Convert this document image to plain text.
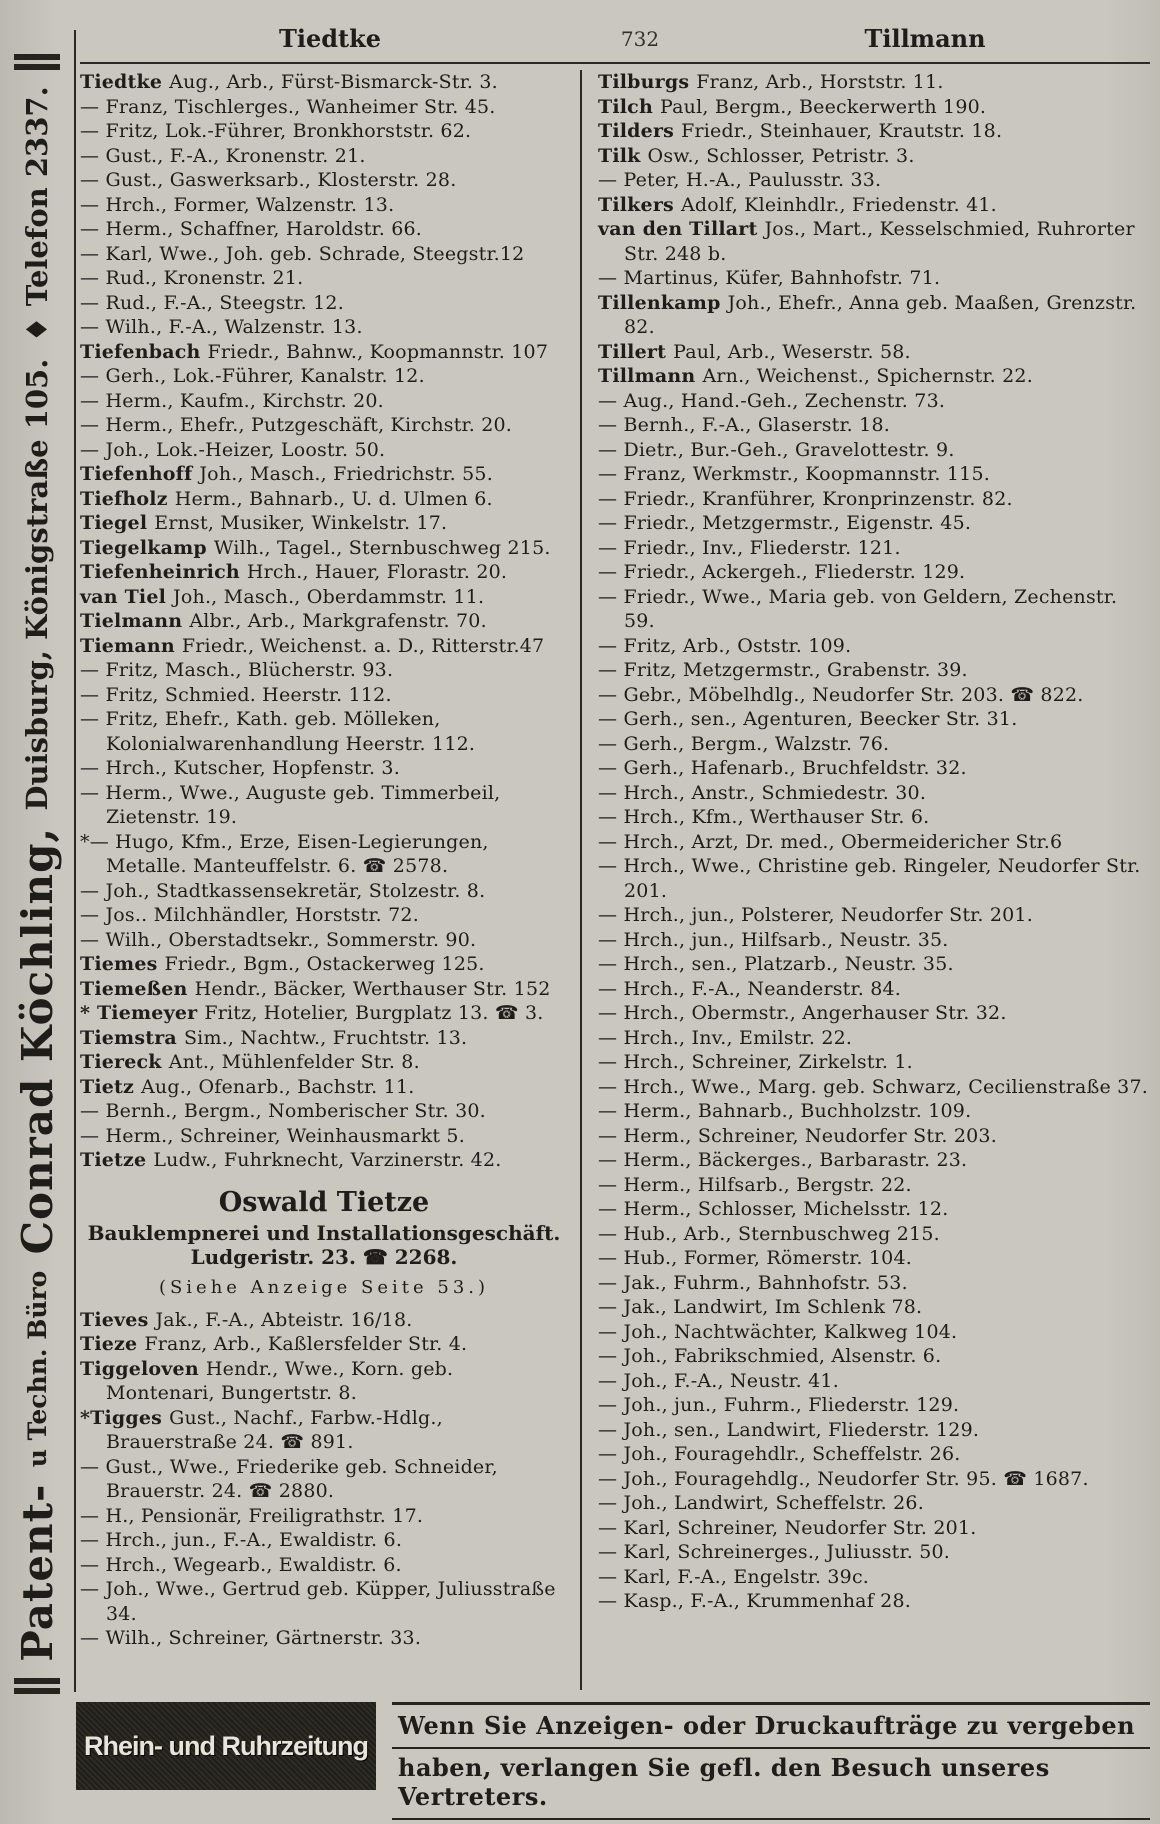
Patent-
u Techn. Büro
Conrad Köchling,
Duisburg, Königstraße 105.
♦ Telefon 2337.
Tiedtke	732	Tillmann

Tiedtke Aug., Arb., Fürst-Bismarck-Str. 3.

— Franz, Tischlerges., Wanheimer Str. 45.

— Fritz, Lok.-Führer, Bronkhorststr. 62.

— Gust., F.-A., Kronenstr. 21.

— Gust., Gaswerksarb., Klosterstr. 28.

— Hrch., Former, Walzenstr. 13.

— Herm., Schaffner, Haroldstr. 66.

— Karl, Wwe., Joh. geb. Schrade, Steegstr.12

— Rud., Kronenstr. 21.

— Rud., F.-A., Steegstr. 12.

— Wilh., F.-A., Walzenstr. 13.

Tiefenbach Friedr., Bahnw., Koopmannstr. 107

— Gerh., Lok.-Führer, Kanalstr. 12.

— Herm., Kaufm., Kirchstr. 20.

— Herm., Ehefr., Putzgeschäft, Kirchstr. 20.

— Joh., Lok.-Heizer, Loostr. 50.

Tiefenhoff Joh., Masch., Friedrichstr. 55.

Tiefholz Herm., Bahnarb., U. d. Ulmen 6.

Tiegel Ernst, Musiker, Winkelstr. 17.

Tiegelkamp Wilh., Tagel., Sternbuschweg 215.

Tiefenheinrich Hrch., Hauer, Florastr. 20.

van Tiel Joh., Masch., Oberdammstr. 11.

Tielmann Albr., Arb., Markgrafenstr. 70.

Tiemann Friedr., Weichenst. a. D., Ritterstr.47

— Fritz, Masch., Blücherstr. 93.

— Fritz, Schmied. Heerstr. 112.

— Fritz, Ehefr., Kath. geb. Mölleken, Kolonialwarenhandlung Heerstr. 112.

— Hrch., Kutscher, Hopfenstr. 3.

— Herm., Wwe., Auguste geb. Timmerbeil, Zietenstr. 19.

*— Hugo, Kfm., Erze, Eisen-Legierungen, Metalle. Manteuffelstr. 6. ☎ 2578.

— Joh., Stadtkassensekretär, Stolzestr. 8.

— Jos.. Milchhändler, Horststr. 72.

— Wilh., Oberstadtsekr., Sommerstr. 90.

Tiemes Friedr., Bgm., Ostackerweg 125.

Tiemeßen Hendr., Bäcker, Werthauser Str. 152

* Tiemeyer Fritz, Hotelier, Burgplatz 13. ☎ 3.

Tiemstra Sim., Nachtw., Fruchtstr. 13.

Tiereck Ant., Mühlenfelder Str. 8.

Tietz Aug., Ofenarb., Bachstr. 11.

— Bernh., Bergm., Nomberischer Str. 30.

— Herm., Schreiner, Weinhausmarkt 5.

Tietze Ludw., Fuhrknecht, Varzinerstr. 42.

Oswald Tietze
Bauklempnerei und Installationsgeschäft.
Ludgeristr. 23. ☎ 2268.
(Siehe Anzeige Seite 53.)

Tieves Jak., F.-A., Abteistr. 16/18.

Tieze Franz, Arb., Kaßlersfelder Str. 4.

Tiggeloven Hendr., Wwe., Korn. geb. Montenari, Bungertstr. 8.

*Tigges Gust., Nachf., Farbw.-Hdlg., Brauerstraße 24. ☎ 891.

— Gust., Wwe., Friederike geb. Schneider, Brauerstr. 24. ☎ 2880.

— H., Pensionär, Freiligrathstr. 17.

— Hrch., jun., F.-A., Ewaldistr. 6.

— Hrch., Wegearb., Ewaldistr. 6.

— Joh., Wwe., Gertrud geb. Küpper, Juliusstraße 34.

— Wilh., Schreiner, Gärtnerstr. 33.

Tilburgs Franz, Arb., Horststr. 11.

Tilch Paul, Bergm., Beeckerwerth 190.

Tilders Friedr., Steinhauer, Krautstr. 18.

Tilk Osw., Schlosser, Petristr. 3.

— Peter, H.-A., Paulusstr. 33.

Tilkers Adolf, Kleinhdlr., Friedenstr. 41.

van den Tillart Jos., Mart., Kesselschmied, Ruhrorter Str. 248 b.

— Martinus, Küfer, Bahnhofstr. 71.

Tillenkamp Joh., Ehefr., Anna geb. Maaßen, Grenzstr. 82.

Tillert Paul, Arb., Weserstr. 58.

Tillmann Arn., Weichenst., Spichernstr. 22.

— Aug., Hand.-Geh., Zechenstr. 73.

— Bernh., F.-A., Glaserstr. 18.

— Dietr., Bur.-Geh., Gravelottestr. 9.

— Franz, Werkmstr., Koopmannstr. 115.

— Friedr., Kranführer, Kronprinzenstr. 82.

— Friedr., Metzgermstr., Eigenstr. 45.

— Friedr., Inv., Fliederstr. 121.

— Friedr., Ackergeh., Fliederstr. 129.

— Friedr., Wwe., Maria geb. von Geldern, Zechenstr. 59.

— Fritz, Arb., Oststr. 109.

— Fritz, Metzgermstr., Grabenstr. 39.

— Gebr., Möbelhdlg., Neudorfer Str. 203. ☎ 822.

— Gerh., sen., Agenturen, Beecker Str. 31.

— Gerh., Bergm., Walzstr. 76.

— Gerh., Hafenarb., Bruchfeldstr. 32.

— Hrch., Anstr., Schmiedestr. 30.

— Hrch., Kfm., Werthauser Str. 6.

— Hrch., Arzt, Dr. med., Obermeidericher Str.6

— Hrch., Wwe., Christine geb. Ringeler, Neudorfer Str. 201.

— Hrch., jun., Polsterer, Neudorfer Str. 201.

— Hrch., jun., Hilfsarb., Neustr. 35.

— Hrch., sen., Platzarb., Neustr. 35.

— Hrch., F.-A., Neanderstr. 84.

— Hrch., Obermstr., Angerhauser Str. 32.

— Hrch., Inv., Emilstr. 22.

— Hrch., Schreiner, Zirkelstr. 1.

— Hrch., Wwe., Marg. geb. Schwarz, Cecilienstraße 37.

— Herm., Bahnarb., Buchholzstr. 109.

— Herm., Schreiner, Neudorfer Str. 203.

— Herm., Bäckerges., Barbarastr. 23.

— Herm., Hilfsarb., Bergstr. 22.

— Herm., Schlosser, Michelsstr. 12.

— Hub., Arb., Sternbuschweg 215.

— Hub., Former, Römerstr. 104.

— Jak., Fuhrm., Bahnhofstr. 53.

— Jak., Landwirt, Im Schlenk 78.

— Joh., Nachtwächter, Kalkweg 104.

— Joh., Fabrikschmied, Alsenstr. 6.

— Joh., F.-A., Neustr. 41.

— Joh., jun., Fuhrm., Fliederstr. 129.

— Joh., sen., Landwirt, Fliederstr. 129.

— Joh., Fouragehdlr., Scheffelstr. 26.

— Joh., Fouragehdlg., Neudorfer Str. 95. ☎ 1687.

— Joh., Landwirt, Scheffelstr. 26.

— Karl, Schreiner, Neudorfer Str. 201.

— Karl, Schreinerges., Juliusstr. 50.

— Karl, F.-A., Engelstr. 39c.

— Kasp., F.-A., Krummenhaf 28.

Rhein- und Ruhrzeitung
Wenn Sie Anzeigen- oder Druckaufträge zu vergeben
haben, verlangen Sie gefl. den Besuch unseres Vertreters.
